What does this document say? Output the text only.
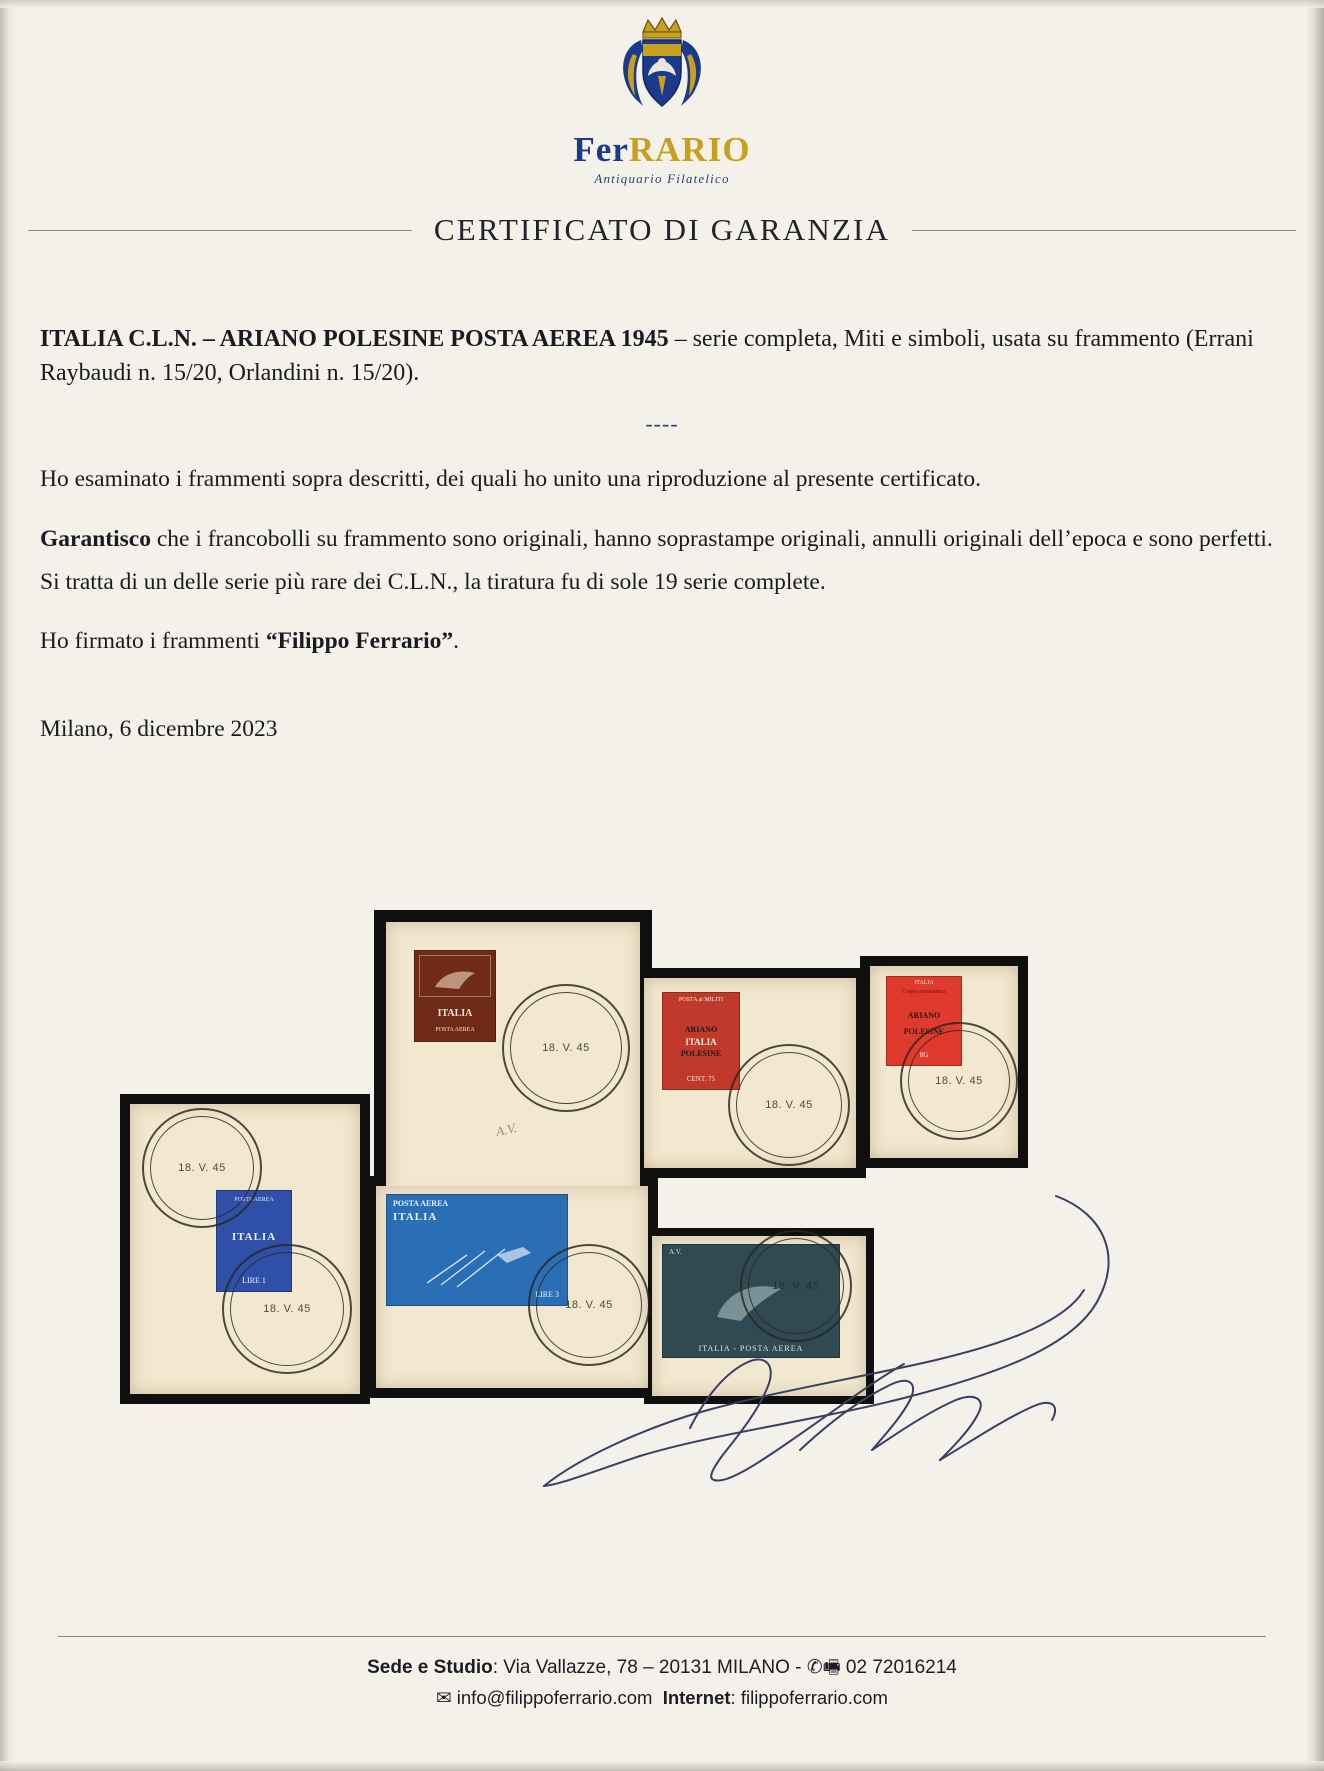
FerRARIO
Antiquario Filatelico
CERTIFICATO DI GARANZIA

ITALIA C.L.N. – ARIANO POLESINE POSTA AEREA 1945 – serie completa, Miti e simboli, usata su frammento (Errani Raybaudi n. 15/20, Orlandini n. 15/20).

----

Ho esaminato i frammenti sopra descritti, dei quali ho unito una riproduzione al presente certificato.

Garantisco che i francobolli su frammento sono originali, hanno soprastampe originali, annulli originali dell’epoca e sono perfetti.

Si tratta di un delle serie più rare dei C.L.N., la tiratura fu di sole 19 serie complete.

Ho firmato i frammenti “Filippo Ferrario”.

Milano, 6 dicembre 2023

ITALIA
POSTA AEREA
18. V. 45
A.V.
POSTA ai MILITI
ARIANO
ITALIA
POLESINE
CENT. 75
18. V. 45
ITALIA
Corpo aeronautico
ARIANO
POLESINE
8G
18. V. 45
POSTA AEREA
ITALIA
LIRE 1
18. V. 45
18. V. 45
POSTA AEREA
ITALIA
LIRE 3
18. V. 45
A.V.
ITALIA - POSTA AEREA
18. V. 45
Sede e Studio: Via Vallazze, 78 – 20131 MILANO - ✆🖷 02 72016214
✉ info@filippoferrario.com Internet: filippoferrario.com
